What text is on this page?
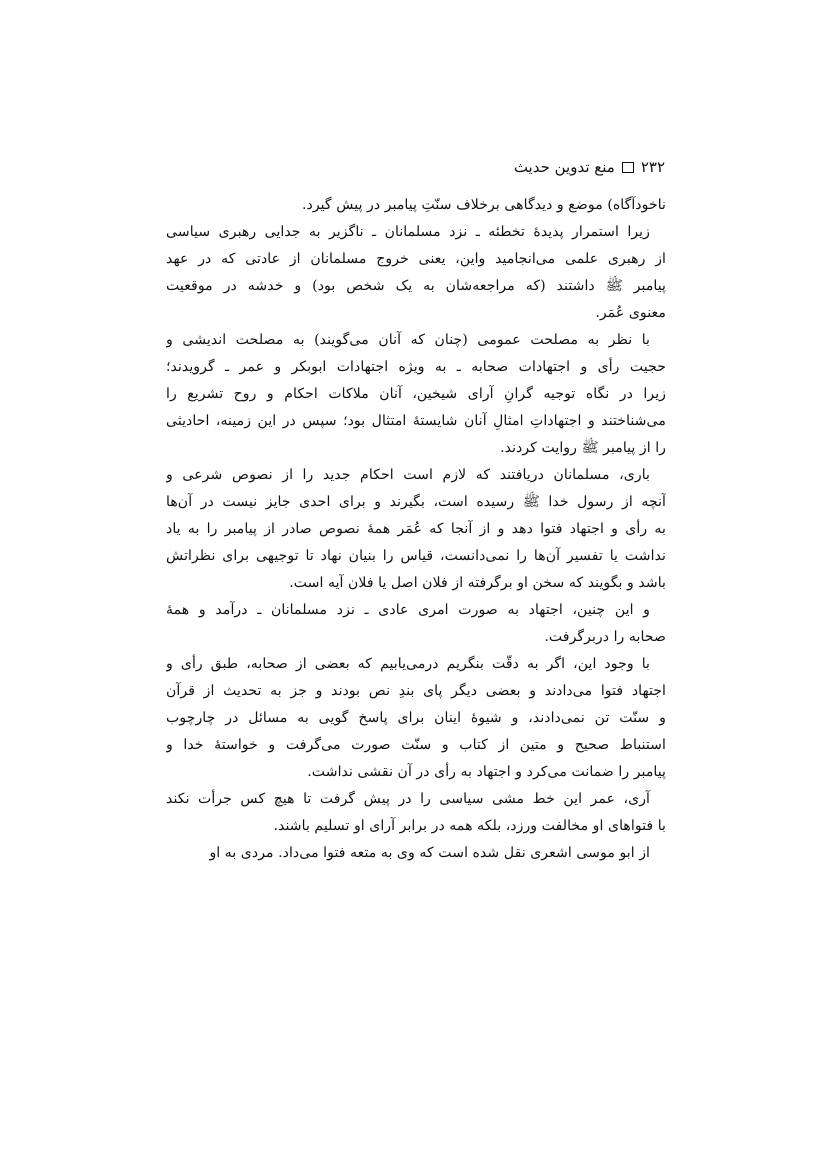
۲۳۲
منع تدوین حدیث
ناخودآگاه) موضع و دیدگاهی برخلاف سنّتِ پیامبر در پیش گیرد.
زیرا استمرار پدیدۀ تخطئه ـ نزد مسلمانان ـ ناگزیر به جدایی رهبری سیاسی
از رهبری علمی می‌انجامید واین، یعنی خروج مسلمانان از عادتی که در عهد
پیامبر ﷺ داشتند (که مراجعه‌شان به یک شخص بود) و خدشه در موقعیت
معنوی عُمَر.
با نظر به مصلحت عمومی (چنان که آنان می‌گویند) به مصلحت اندیشی و
حجیت رأی و اجتهادات صحابه ـ به ویژه اجتهادات ابوبکر و عمر ـ گرویدند؛
زیرا در نگاه توجیه گرانِ آرای شیخین، آنان ملاکات احکام و روح تشریع را
می‌شناختند و اجتهاداتِ امثالِ آنان شایستۀ امتثال بود؛ سپس در این زمینه، احادیثی
را از پیامبر ﷺ روایت کردند.
باری، مسلمانان دریافتند که لازم است احکام جدید را از نصوص شرعی و
آنچه از رسول خدا ﷺ رسیده است، بگیرند و برای احدی جایز نیست در آن‌ها
به رأی و اجتهاد فتوا دهد و از آنجا که عُمَر همۀ نصوص صادر از پیامبر را به یاد
نداشت یا تفسیر آن‌ها را نمی‌دانست، قیاس را بنیان نهاد تا توجیهی برای نظراتش
باشد و بگویند که سخن او برگرفته از فلان اصل یا فلان آیه است.
و این چنین، اجتهاد به صورت امری عادی ـ نزد مسلمانان ـ درآمد و همۀ
صحابه را دربرگرفت.
با وجود این، اگر به دقّت بنگریم درمی‌یابیم که بعضی از صحابه، طبق رأی و
اجتهاد فتوا می‌دادند و بعضی دیگر پای بندِ نص بودند و جز به تحدیث از قرآن
و سنّت تن نمی‌دادند، و شیوۀ اینان برای پاسخ گویی به مسائل در چارچوب
استنباط صحیح و متین از کتاب و سنّت صورت می‌گرفت و خواستۀ خدا و
پیامبر را ضمانت می‌کرد و اجتهاد به رأی در آن نقشی نداشت.
آری، عمر این خط مشی سیاسی را در پیش گرفت تا هیچ کس جرأت نکند
با فتواهای او مخالفت ورزد، بلکه همه در برابر آرای او تسلیم باشند.
از ابو موسی اشعری نقل شده است که وی به متعه فتوا می‌داد. مردی به او
